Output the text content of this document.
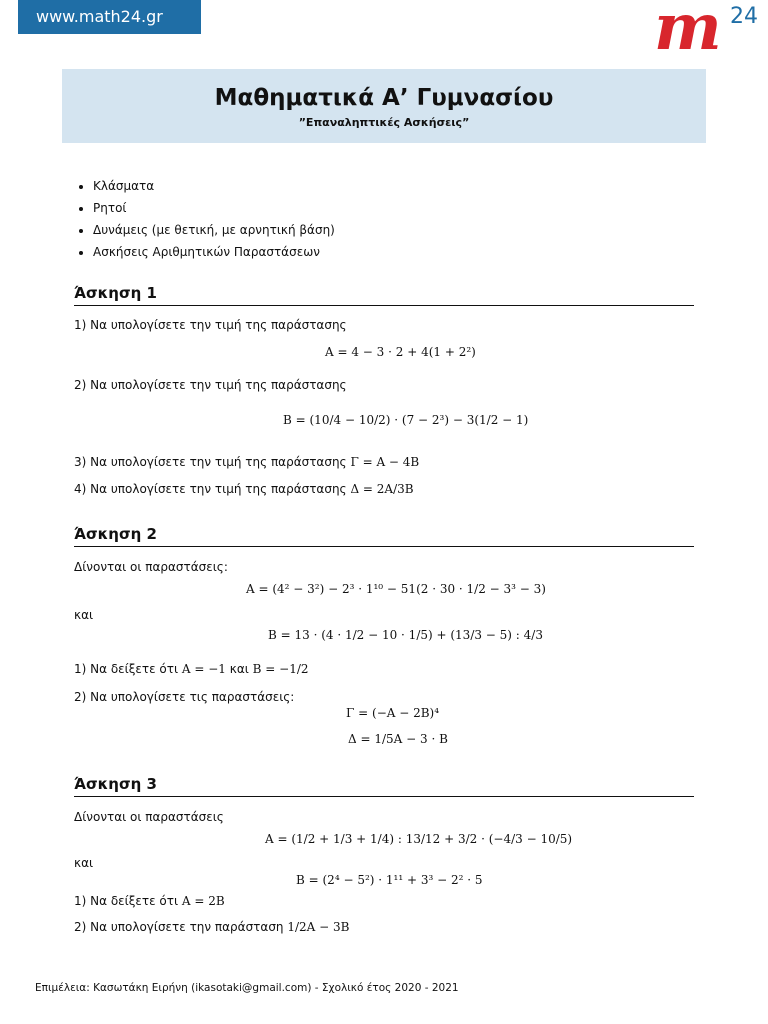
www.math24.gr	m 24
Μαθηματικά Α’ Γυμνασίου
”Επαναληπτικές Ασκήσεις”
• Κλάσματα
• Ρητοί
• Δυνάμεις (με θετική, με αρνητική βάση)
• Ασκήσεις Αριθμητικών Παραστάσεων
Άσκηση 1
1) Να υπολογίσετε την τιμή της παράστασης
A = 4 − 3 · 2 + 4(1 + 2²)
2) Να υπολογίσετε την τιμή της παράστασης
B = (10/4 − 10/2) · (7 − 2³) − 3(1/2 − 1)
3) Να υπολογίσετε την τιμή της παράστασης Γ = A − 4B
4) Να υπολογίσετε την τιμή της παράστασης Δ = 2A/3B
Άσκηση 2
Δίνονται οι παραστάσεις:
A = (4² − 3²) − 2³ · 1¹⁰ − 51(2 · 30 · 1/2 − 3³ − 3)
και
B = 13 · (4 · 1/2 − 10 · 1/5) + (13/3 − 5) : 4/3
1) Να δείξετε ότι A = −1 και B = −1/2
2) Να υπολογίσετε τις παραστάσεις:
Γ = (−A − 2B)⁴
Δ = 1/5A − 3 · B
Άσκηση 3
Δίνονται οι παραστάσεις
A = (1/2 + 1/3 + 1/4) : 13/12 + 3/2 · (−4/3 − 10/5)
και
B = (2⁴ − 5²) · 1¹¹ + 3³ − 2² · 5
1) Να δείξετε ότι A = 2B
2) Να υπολογίσετε την παράσταση 1/2A − 3B
Επιμέλεια: Κασωτάκη Ειρήνη (ikasotaki@gmail.com) - Σχολικό έτος 2020 - 2021
